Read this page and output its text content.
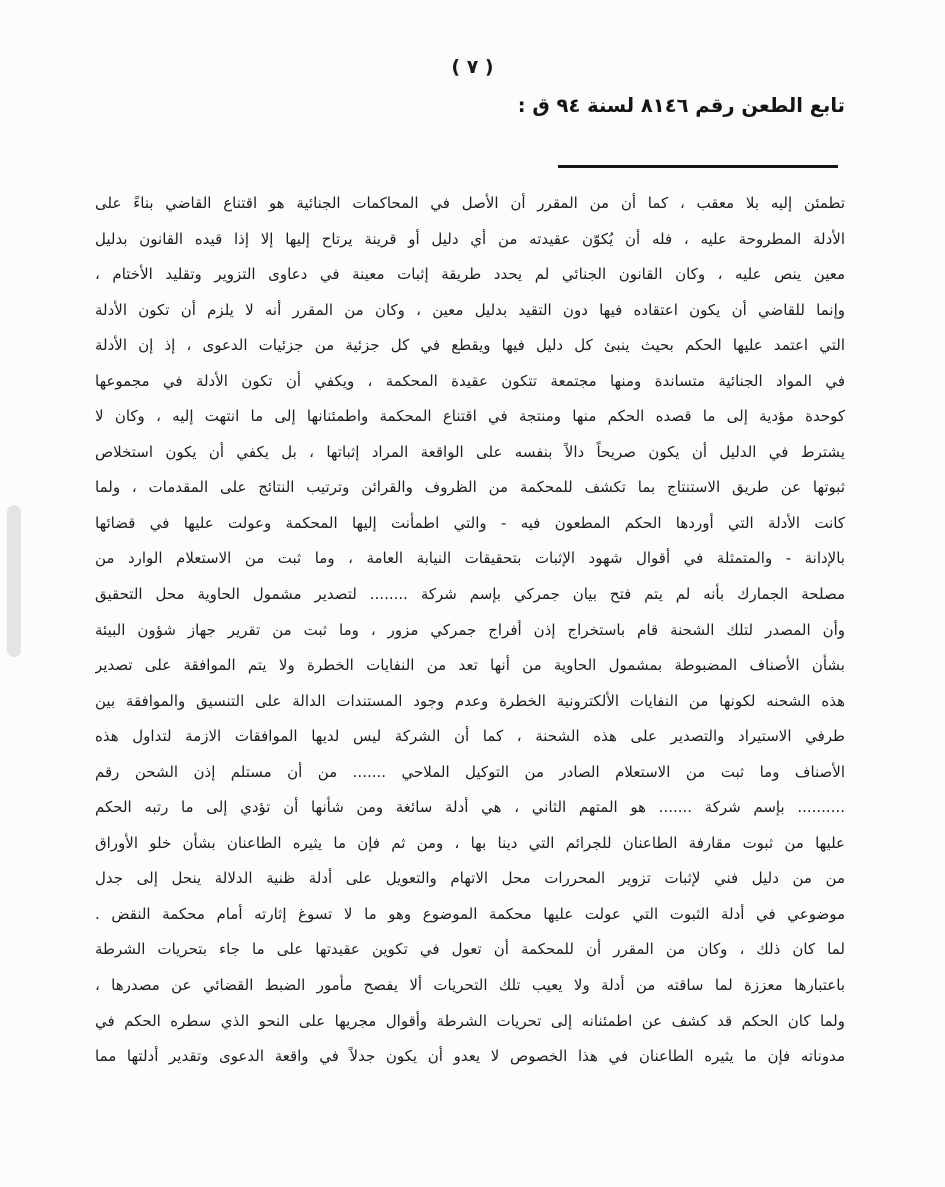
( ٧ )
تابع الطعن رقم ٨١٤٦ لسنة ٩٤ ق :
تطمئن إليه بلا معقب ، كما أن من المقرر أن الأصل في المحاكمات الجنائية هو اقتناع القاضي بناءً على
الأدلة المطروحة عليه ، فله أن يُكوّن عقيدته من أي دليل أو قرينة يرتاح إليها إلا إذا قيده القانون بدليل
معين ينص عليه ، وكان القانون الجنائي لم يحدد طريقة إثبات معينة في دعاوى التزوير وتقليد الأختام ،
وإنما للقاضي أن يكون اعتقاده فيها دون التقيد بدليل معين ، وكان من المقرر أنه لا يلزم أن تكون الأدلة
التي اعتمد عليها الحكم بحيث ينبئ كل دليل فيها ويقطع في كل جزئية من جزئيات الدعوى ، إذ إن الأدلة
في المواد الجنائية متساندة ومنها مجتمعة تتكون عقيدة المحكمة ، ويكفي أن تكون الأدلة في مجموعها
كوحدة مؤدية إلى ما قصده الحكم منها ومنتجة في اقتناع المحكمة واطمئنانها إلى ما انتهت إليه ، وكان لا
يشترط في الدليل أن يكون صريحاً دالاً بنفسه على الواقعة المراد إثباتها ، بل يكفي أن يكون استخلاص
ثبوتها عن طريق الاستنتاج بما تكشف للمحكمة من الظروف والقرائن وترتيب النتائج على المقدمات ، ولما
كانت الأدلة التي أوردها الحكم المطعون فيه - والتي اطمأنت إليها المحكمة وعولت عليها في قضائها
بالإدانة - والمتمثلة في أقوال شهود الإثبات بتحقيقات النيابة العامة ، وما ثبت من الاستعلام الوارد من
مصلحة الجمارك بأنه لم يتم فتح بيان جمركي بإسم شركة ........ لتصدير مشمول الحاوية محل التحقيق
وأن المصدر لتلك الشحنة قام باستخراج إذن أفراج جمركي مزور ، وما ثبت من تقرير جهاز شؤون البيئة
بشأن الأصناف المضبوطة بمشمول الحاوية من أنها تعد من النفايات الخطرة ولا يتم الموافقة على تصدير
هذه الشحنه لكونها من النفايات الألكترونية الخطرة وعدم وجود المستندات الدالة على التنسيق والموافقة بين
طرفي الاستيراد والتصدير على هذه الشحنة ، كما أن الشركة ليس لديها الموافقات الازمة لتداول هذه
الأصناف وما ثبت من الاستعلام الصادر من التوكيل الملاحي ....... من أن مستلم إذن الشحن رقم
.......... بإسم شركة ....... هو المتهم الثاني ، هي أدلة سائغة ومن شأنها أن تؤدي إلى ما رتبه الحكم
عليها من ثبوت مقارفة الطاعنان للجرائم التي دينا بها ، ومن ثم فإن ما يثيره الطاعنان بشأن خلو الأوراق
من من دليل فني لإثبات تزوير المحررات محل الاتهام والتعويل على أدلة ظنية الدلالة ينحل إلى جدل
موضوعي في أدلة الثبوت التي عولت عليها محكمة الموضوع وهو ما لا تسوغ إثارته أمام محكمة النقض .
لما كان ذلك ، وكان من المقرر أن للمحكمة أن تعول في تكوين عقيدتها على ما جاء بتحريات الشرطة
باعتبارها معززة لما ساقته من أدلة ولا يعيب تلك التحريات ألا يفصح مأمور الضبط القضائي عن مصدرها ،
ولما كان الحكم قد كشف عن اطمئنانه إلى تحريات الشرطة وأقوال مجريها على النحو الذي سطره الحكم في
مدوناته فإن ما يثيره الطاعنان في هذا الخصوص لا يعدو أن يكون جدلاً في واقعة الدعوى وتقدير أدلتها مما
